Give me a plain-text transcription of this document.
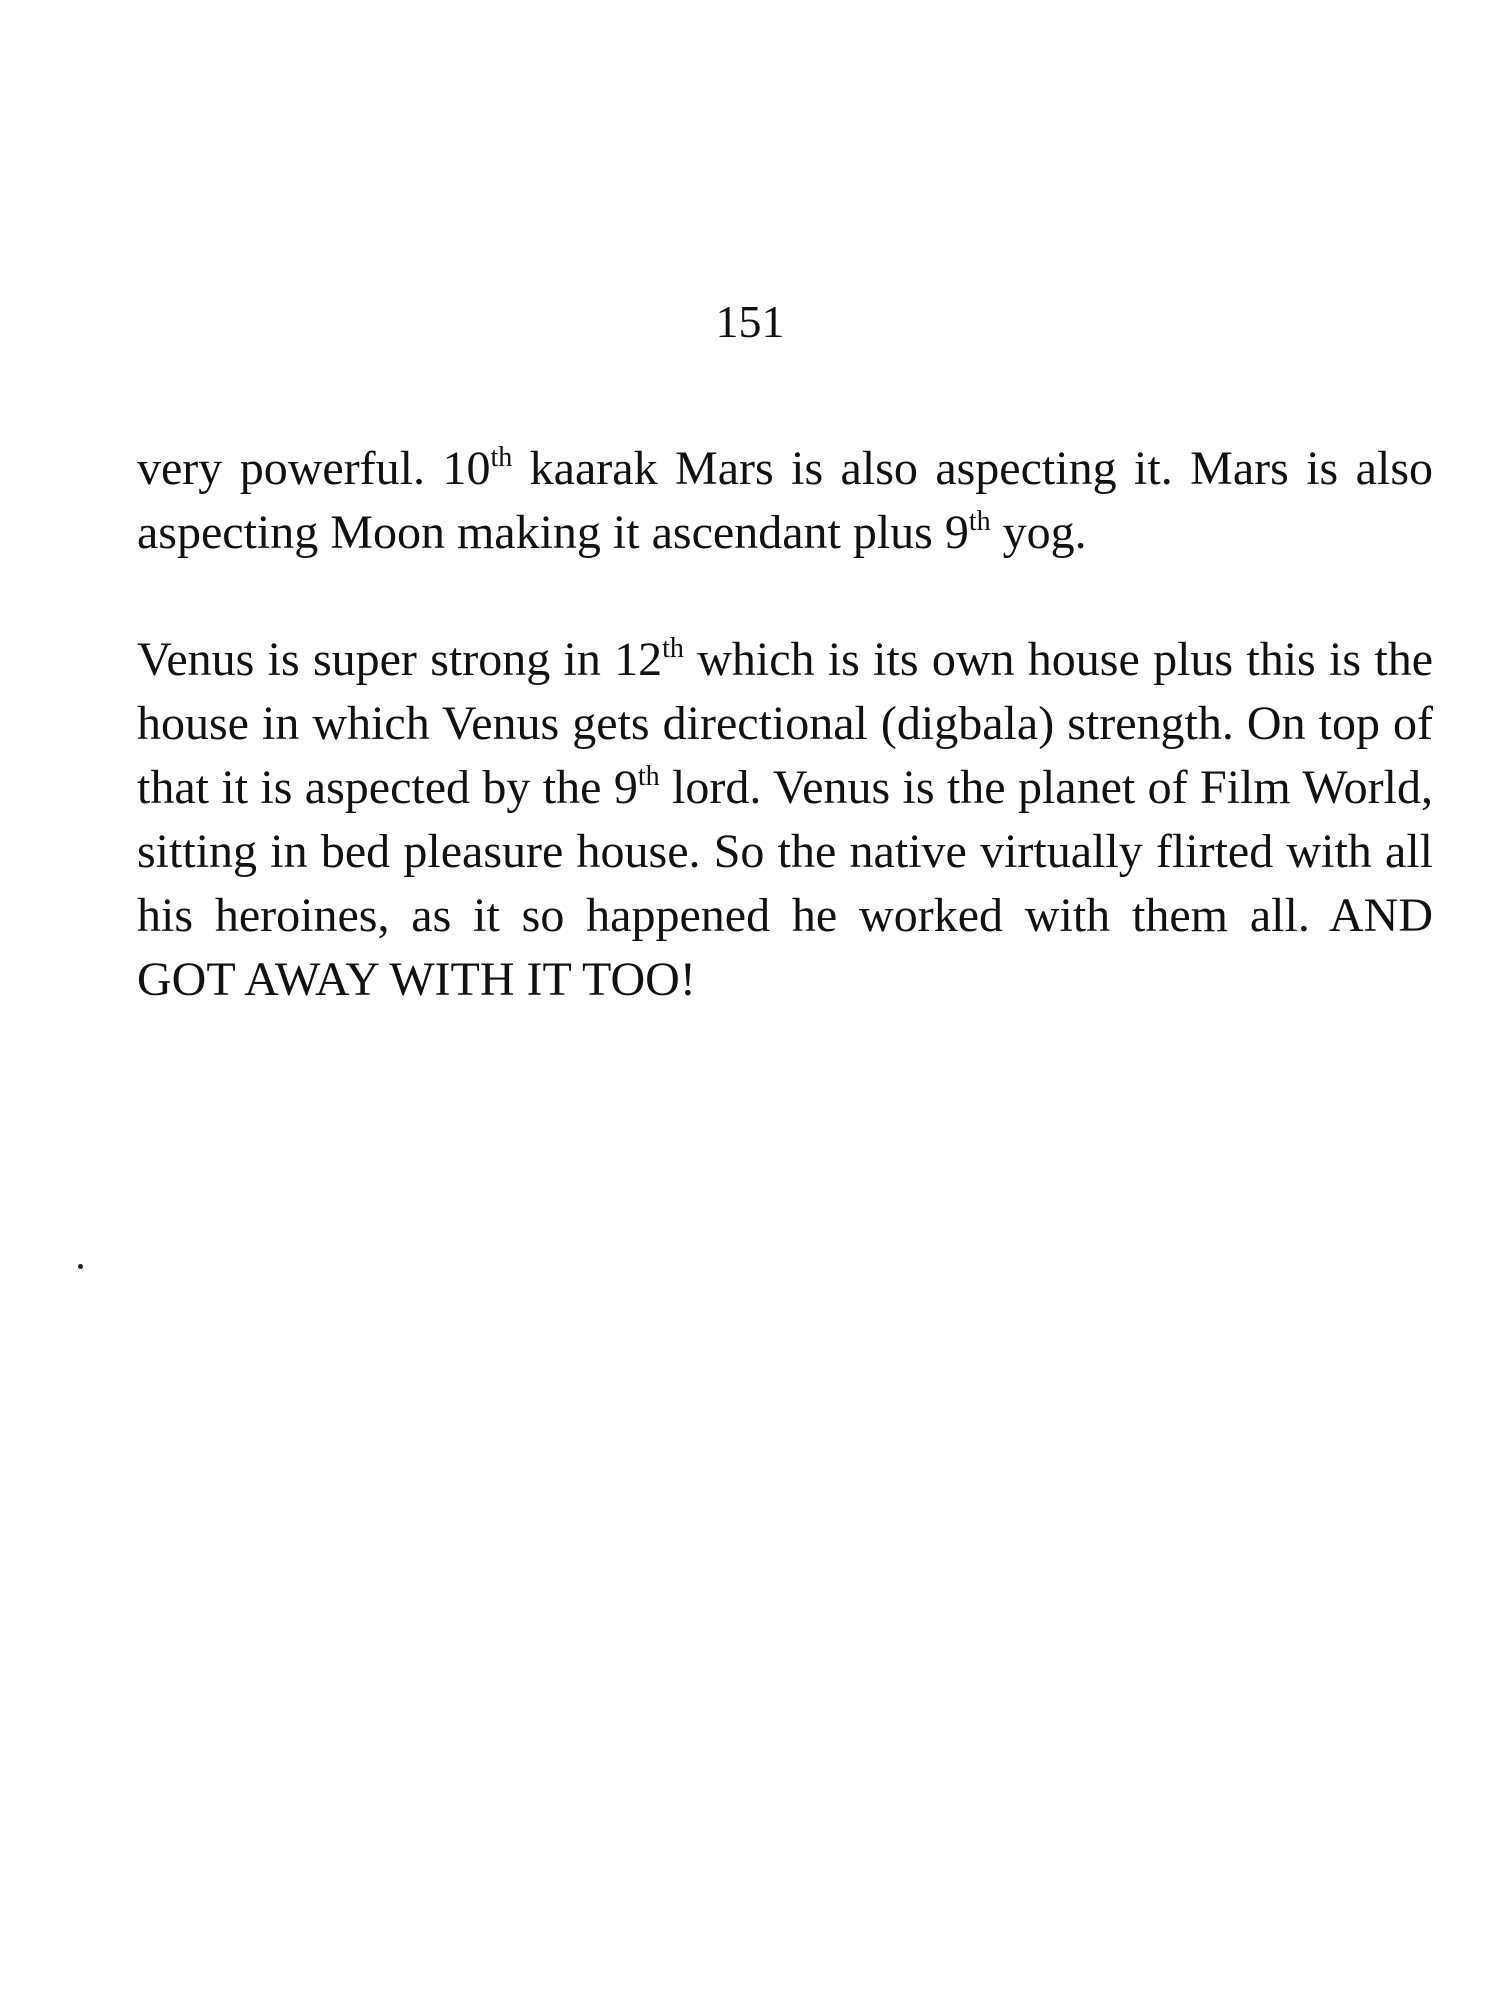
151

very powerful. 10th kaarak Mars is also aspecting it. Mars is also aspecting Moon making it ascendant plus 9th yog.

Venus is super strong in 12th which is its own house plus this is the house in which Venus gets directional (digbala) strength. On top of that it is aspected by the 9th lord. Venus is the planet of Film World, sitting in bed pleasure house. So the native virtually flirted with all his heroines, as it so happened he worked with them all. AND GOT AWAY WITH IT TOO!
